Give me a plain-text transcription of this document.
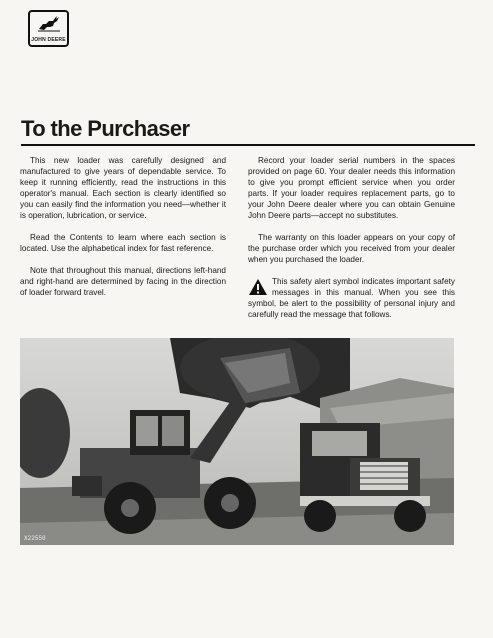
JOHN DEERE
To the Purchaser

This new loader was carefully designed and manufactured to give years of dependable service. To keep it running efficiently, read the instructions in this operator's manual. Each section is clearly identified so you can easily find the information you need—whether it is operation, lubrication, or service.

Read the Contents to learn where each section is located. Use the alphabetical index for fast reference.

Note that throughout this manual, directions left-hand and right-hand are determined by facing in the direction of loader forward travel.

Record your loader serial numbers in the spaces provided on page 60. Your dealer needs this information to give you prompt efficient service when you order parts. If your loader requires replacement parts, go to your John Deere dealer where you can obtain Genuine John Deere parts—accept no substitutes.

The warranty on this loader appears on your copy of the purchase order which you received from your dealer when you purchased the loader.

This safety alert symbol indicates important safety messages in this manual. When you see this symbol, be alert to the possibility of personal injury and carefully read the message that follows.

X22550
